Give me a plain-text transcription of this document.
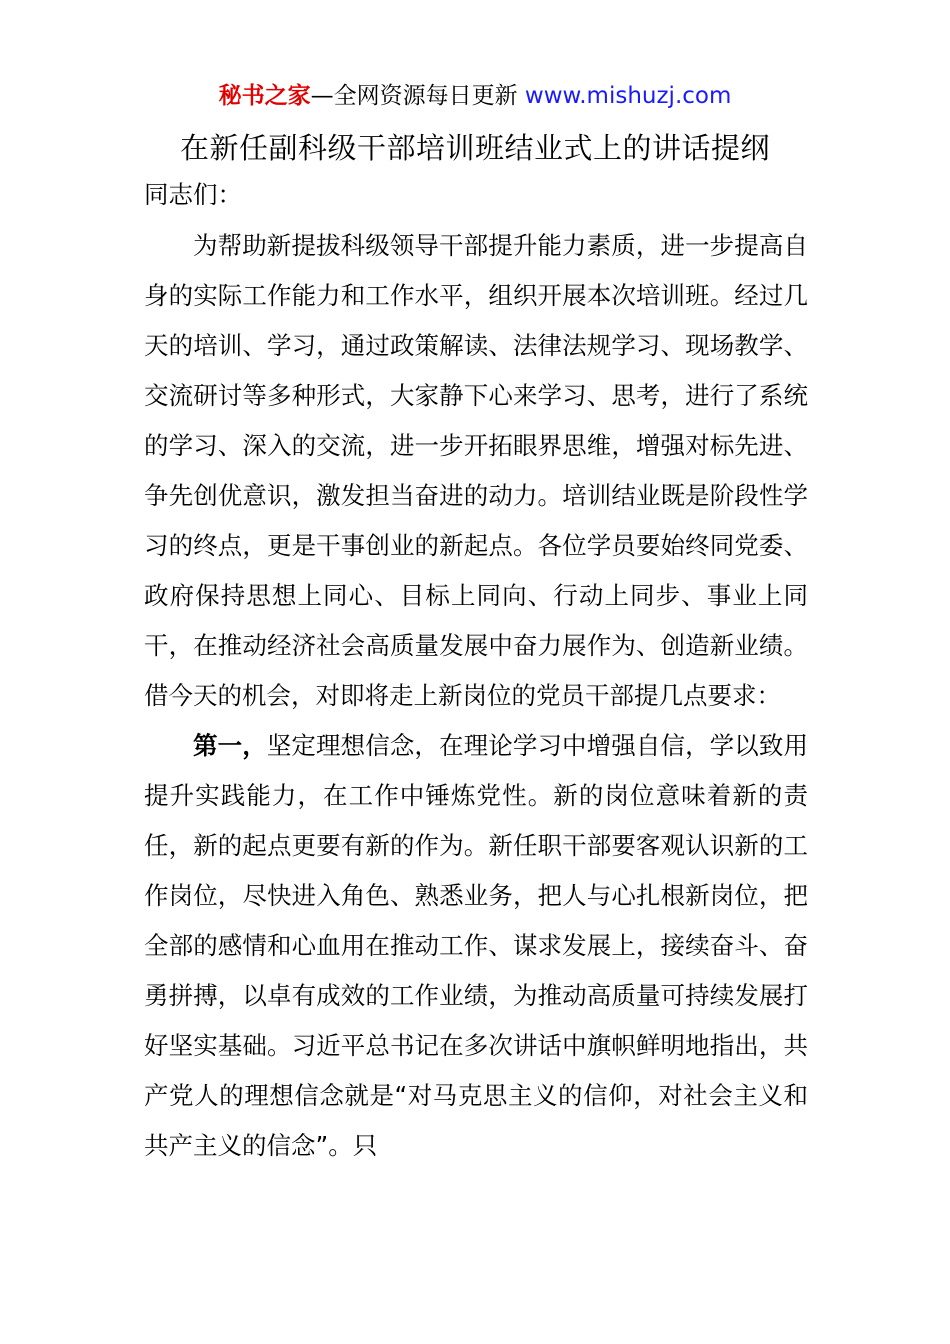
秘书之家—全网资源每日更新 www.mishuzj.com
在新任副科级干部培训班结业式上的讲话提纲

同志们：

为帮助新提拔科级领导干部提升能力素质，进一步提高自身的实际工作能力和工作水平，组织开展本次培训班。经过几天的培训、学习，通过政策解读、法律法规学习、现场教学、交流研讨等多种形式，大家静下心来学习、思考，进行了系统的学习、深入的交流，进一步开拓眼界思维，增强对标先进、争先创优意识，激发担当奋进的动力。培训结业既是阶段性学习的终点，更是干事创业的新起点。各位学员要始终同党委、政府保持思想上同心、目标上同向、行动上同步、事业上同干，在推动经济社会高质量发展中奋力展作为、创造新业绩。借今天的机会，对即将走上新岗位的党员干部提几点要求：

第一，坚定理想信念，在理论学习中增强自信，学以致用提升实践能力，在工作中锤炼党性。新的岗位意味着新的责任，新的起点更要有新的作为。新任职干部要客观认识新的工作岗位，尽快进入角色、熟悉业务，把人与心扎根新岗位，把全部的感情和心血用在推动工作、谋求发展上，接续奋斗、奋勇拼搏，以卓有成效的工作业绩，为推动高质量可持续发展打好坚实基础。习近平总书记在多次讲话中旗帜鲜明地指出，共产党人的理想信念就是“对马克思主义的信仰，对社会主义和共产主义的信念”。只
